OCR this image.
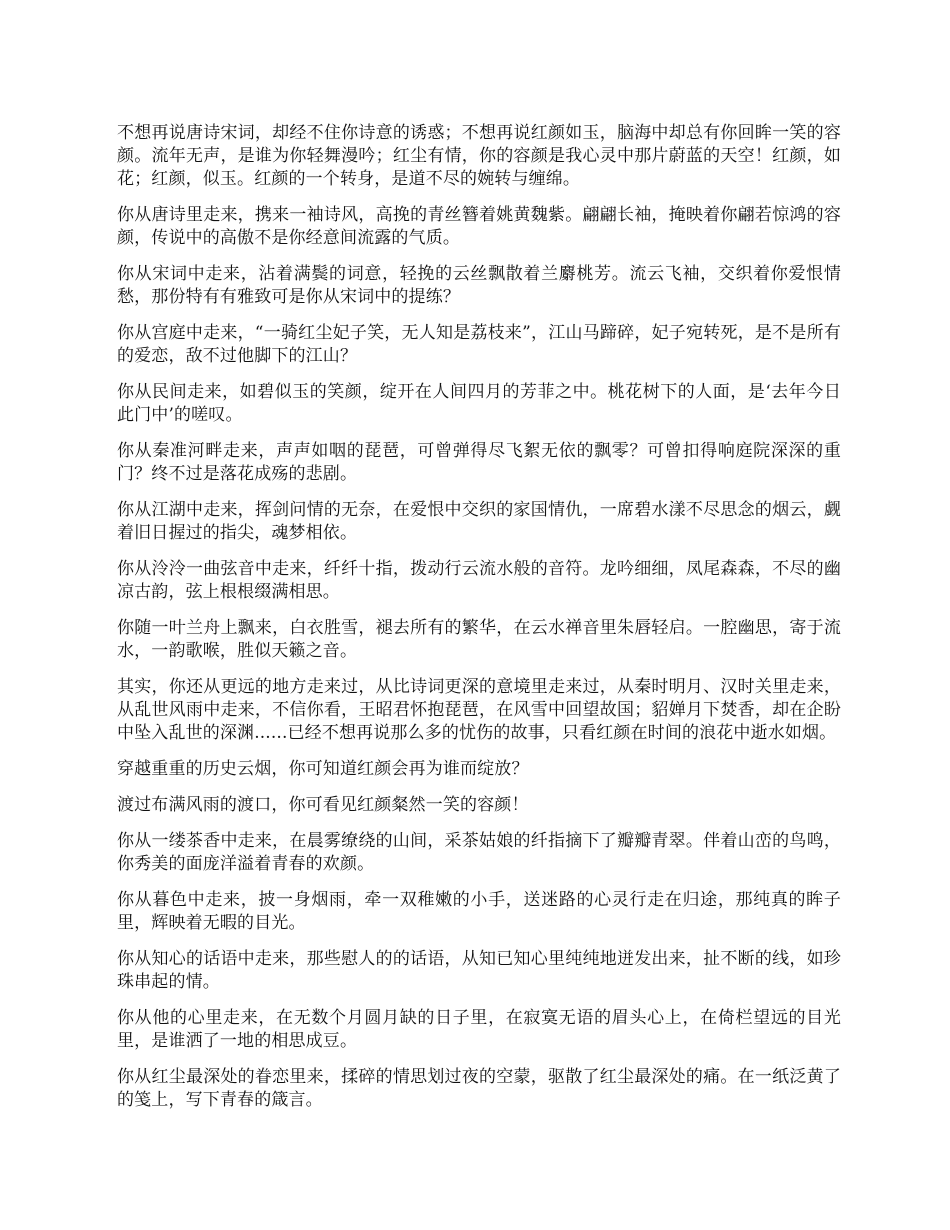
不想再说唐诗宋词，却经不住你诗意的诱惑；不想再说红颜如玉，脑海中却总有你回眸一笑的容颜。流年无声，是谁为你轻舞漫吟；红尘有情，你的容颜是我心灵中那片蔚蓝的天空！红颜，如花；红颜，似玉。红颜的一个转身，是道不尽的婉转与缠绵。

你从唐诗里走来，携来一袖诗风，高挽的青丝簪着姚黄魏紫。翩翩长袖，掩映着你翩若惊鸿的容颜，传说中的高傲不是你经意间流露的气质。

你从宋词中走来，沾着满鬓的词意，轻挽的云丝飘散着兰麝桃芳。流云飞袖，交织着你爱恨情愁，那份特有有雅致可是你从宋词中的提练？

你从宫庭中走来，“一骑红尘妃子笑，无人知是荔枝来”，江山马蹄碎，妃子宛转死，是不是所有的爱恋，敌不过他脚下的江山？

你从民间走来，如碧似玉的笑颜，绽开在人间四月的芳菲之中。桃花树下的人面，是‘去年今日此门中’的嗟叹。

你从秦准河畔走来，声声如咽的琵琶，可曾弹得尽飞絮无依的飘零？可曾扣得响庭院深深的重门？终不过是落花成殇的悲剧。

你从江湖中走来，挥剑问情的无奈，在爱恨中交织的家国情仇，一席碧水漾不尽思念的烟云，觑着旧日握过的指尖，魂梦相依。

你从泠泠一曲弦音中走来，纤纤十指，拨动行云流水般的音符。龙吟细细，凤尾森森，不尽的幽凉古韵，弦上根根缀满相思。

你随一叶兰舟上飘来，白衣胜雪，褪去所有的繁华，在云水禅音里朱唇轻启。一腔幽思，寄于流水，一韵歌喉，胜似天籁之音。

其实，你还从更远的地方走来过，从比诗词更深的意境里走来过，从秦时明月、汉时关里走来，从乱世风雨中走来，不信你看，王昭君怀抱琵琶，在风雪中回望故国；貂婵月下焚香，却在企盼中坠入乱世的深渊......已经不想再说那么多的忧伤的故事，只看红颜在时间的浪花中逝水如烟。

穿越重重的历史云烟，你可知道红颜会再为谁而绽放？

渡过布满风雨的渡口，你可看见红颜粲然一笑的容颜！

你从一缕茶香中走来，在晨雾缭绕的山间，采茶姑娘的纤指摘下了瓣瓣青翠。伴着山峦的鸟鸣，你秀美的面庞洋溢着青春的欢颜。

你从暮色中走来，披一身烟雨，牵一双稚嫩的小手，送迷路的心灵行走在归途，那纯真的眸子里，辉映着无暇的目光。

你从知心的话语中走来，那些慰人的的话语，从知已知心里纯纯地迸发出来，扯不断的线，如珍珠串起的情。

你从他的心里走来，在无数个月圆月缺的日子里，在寂寞无语的眉头心上，在倚栏望远的目光里，是谁洒了一地的相思成豆。

你从红尘最深处的眷恋里来，揉碎的情思划过夜的空蒙，驱散了红尘最深处的痛。在一纸泛黄了的笺上，写下青春的箴言。
